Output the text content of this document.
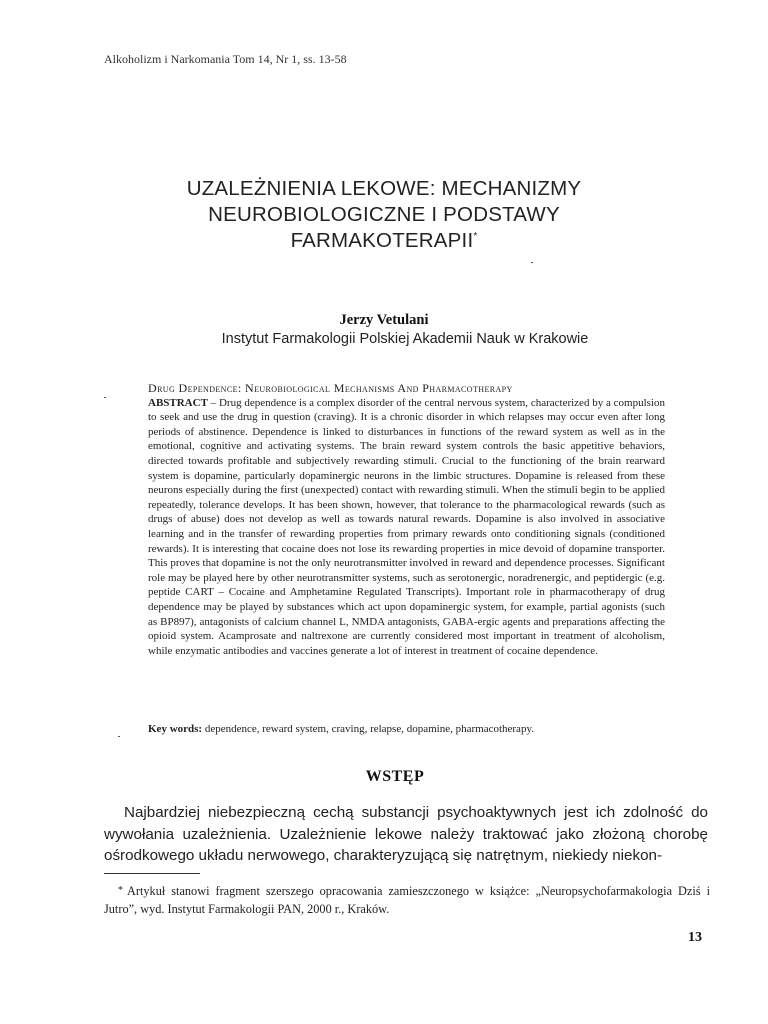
Alkoholizm i Narkomania Tom 14, Nr 1, ss. 13-58
UZALEŻNIENIA LEKOWE: MECHANIZMY
NEUROBIOLOGICZNE I PODSTAWY
FARMAKOTERAPII*
Jerzy Vetulani
Instytut Farmakologii Polskiej Akademii Nauk w Krakowie
Drug Dependence: Neurobiological Mechanisms And Pharmacotherapy
ABSTRACT – Drug dependence is a complex disorder of the central nervous system, characterized by a compulsion to seek and use the drug in question (craving). It is a chronic disorder in which relapses may occur even after long periods of abstinence. Dependence is linked to disturbances in functions of the reward system as well as in the emotional, cognitive and activating systems. The brain reward system controls the basic appetitive behaviors, directed towards profitable and subjectively rewarding stimuli. Crucial to the functioning of the brain rearward system is dopamine, particularly dopaminergic neurons in the limbic structures. Dopamine is released from these neurons especially during the first (unexpected) contact with rewarding stimuli. When the stimuli begin to be applied repeatedly, tolerance develops. It has been shown, however, that tolerance to the pharmacological rewards (such as drugs of abuse) does not develop as well as towards natural rewards. Dopamine is also involved in associative learning and in the transfer of rewarding properties from primary rewards onto conditioning signals (conditioned rewards). It is interesting that cocaine does not lose its rewarding properties in mice devoid of dopamine transporter. This proves that dopamine is not the only neurotransmitter involved in reward and dependence processes. Significant role may be played here by other neurotransmitter systems, such as serotonergic, noradrenergic, and peptidergic (e.g. peptide CART – Cocaine and Amphetamine Regulated Transcripts). Important role in pharmacotherapy of drug dependence may be played by substances which act upon dopaminergic system, for example, partial agonists (such as BP897), antagonists of calcium channel L, NMDA antagonists, GABA-ergic agents and preparations affecting the opioid system. Acamprosate and naltrexone are currently considered most important in treatment of alcoholism, while enzymatic antibodies and vaccines generate a lot of interest in treatment of cocaine dependence.
Key words: dependence, reward system, craving, relapse, dopamine, pharmacotherapy.
WSTĘP
Najbardziej niebezpieczną cechą substancji psychoaktywnych jest ich zdolność do wywołania uzależnienia. Uzależnienie lekowe należy traktować jako złożoną chorobę ośrodkowego układu nerwowego, charakteryzującą się natrętnym, niekiedy niekon-
* Artykuł stanowi fragment szerszego opracowania zamieszczonego w książce: „Neuropsychofarmakologia Dziś i Jutro”, wyd. Instytut Farmakologii PAN, 2000 r., Kraków.
13
